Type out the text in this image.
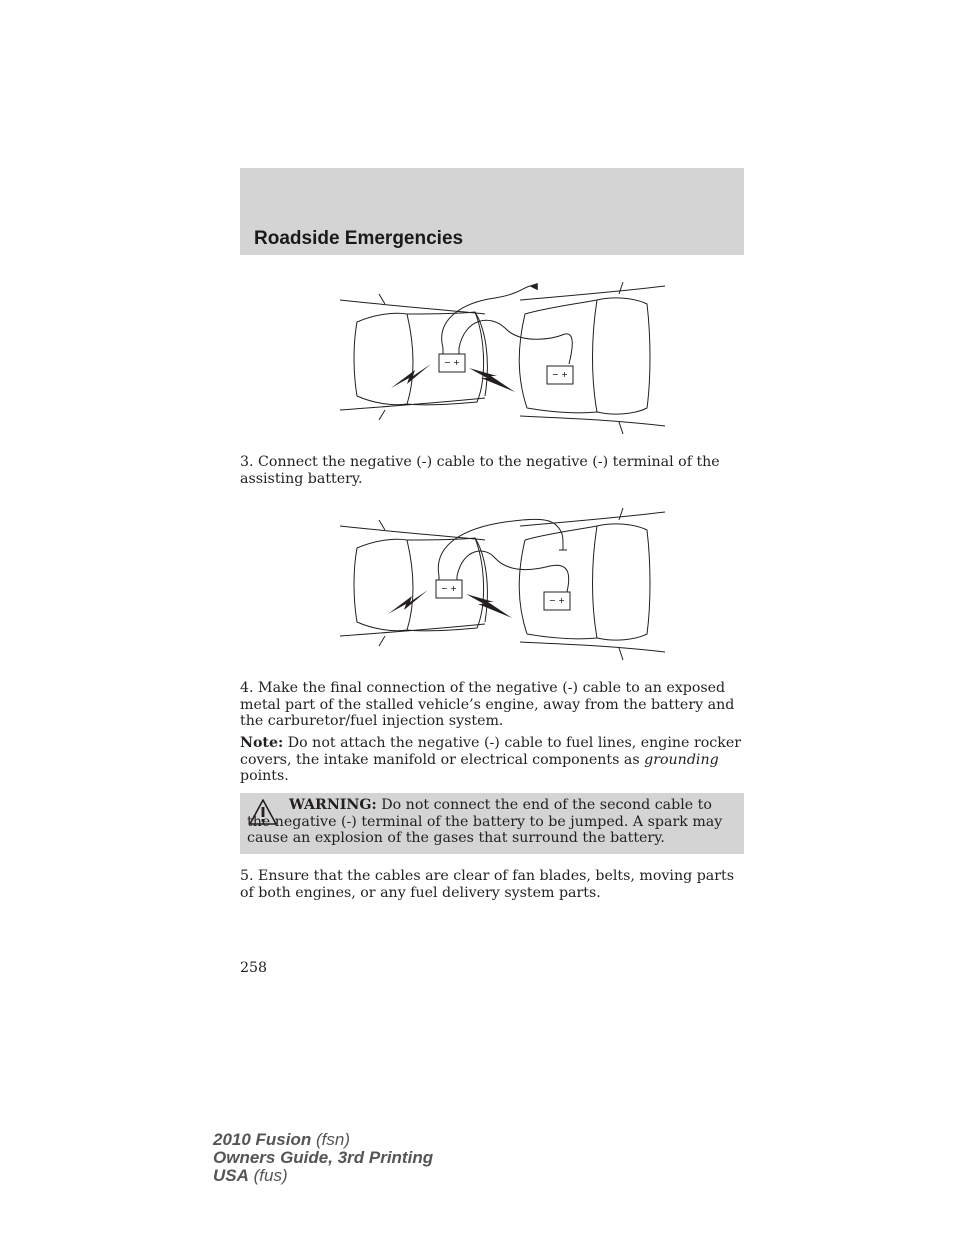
Roadside Emergencies
− +
− +

3. Connect the negative (-) cable to the negative (-) terminal of the assisting battery.

− +
− +

4. Make the final connection of the negative (-) cable to an exposed metal part of the stalled vehicle’s engine, away from the battery and the carburetor/fuel injection system.

Note: Do not attach the negative (-) cable to fuel lines, engine rocker covers, the intake manifold or electrical components as grounding points.

WARNING: Do not connect the end of the second cable to the negative (-) terminal of the battery to be jumped. A spark may cause an explosion of the gases that surround the battery.

5. Ensure that the cables are clear of fan blades, belts, moving parts of both engines, or any fuel delivery system parts.

258
2010 Fusion (fsn)
Owners Guide, 3rd Printing
USA (fus)
